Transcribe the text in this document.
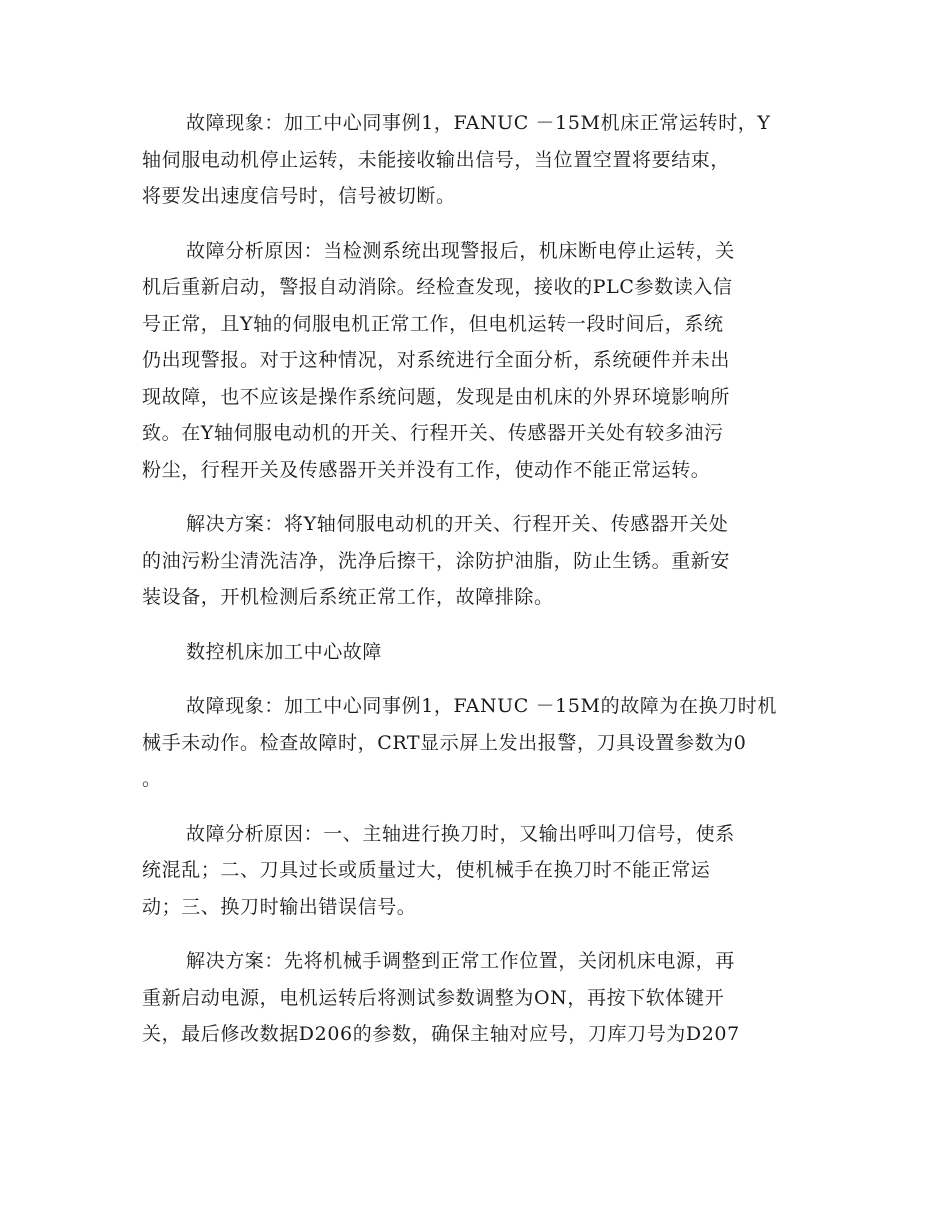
故障现象：加工中心同事例1，FANUC －15M机床正常运转时，Y
轴伺服电动机停止运转，未能接收输出信号，当位置空置将要结束，
将要发出速度信号时，信号被切断。
故障分析原因：当检测系统出现警报后，机床断电停止运转，关
机后重新启动，警报自动消除。经检查发现，接收的PLC参数读入信
号正常，且Y轴的伺服电机正常工作，但电机运转一段时间后，系统
仍出现警报。对于这种情况，对系统进行全面分析，系统硬件并未出
现故障，也不应该是操作系统问题，发现是由机床的外界环境影响所
致。在Y轴伺服电动机的开关、行程开关、传感器开关处有较多油污
粉尘，行程开关及传感器开关并没有工作，使动作不能正常运转。
解决方案：将Y轴伺服电动机的开关、行程开关、传感器开关处
的油污粉尘清洗洁净，洗净后擦干，涂防护油脂，防止生锈。重新安
装设备，开机检测后系统正常工作，故障排除。
数控机床加工中心故障
故障现象：加工中心同事例1，FANUC －15M的故障为在换刀时机
械手未动作。检查故障时，CRT显示屏上发出报警，刀具设置参数为0
。
故障分析原因：一、主轴进行换刀时，又输出呼叫刀信号，使系
统混乱；二、刀具过长或质量过大，使机械手在换刀时不能正常运
动；三、换刀时输出错误信号。
解决方案：先将机械手调整到正常工作位置，关闭机床电源，再
重新启动电源，电机运转后将测试参数调整为ON，再按下软体键开
关，最后修改数据D206的参数，确保主轴对应号，刀库刀号为D207
